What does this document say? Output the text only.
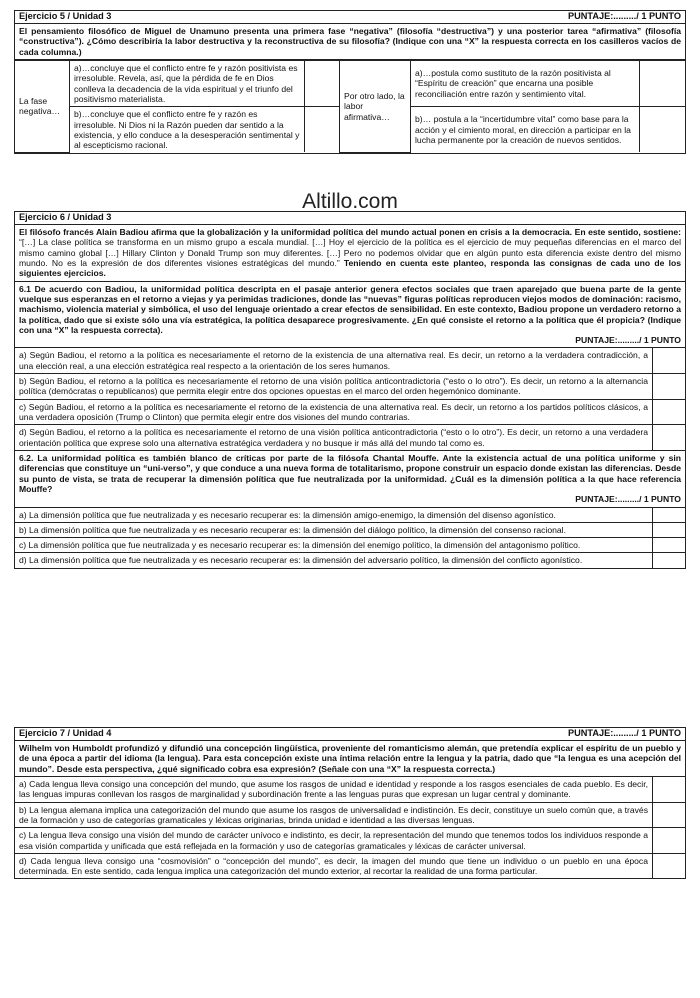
Ejercicio 5 / Unidad 3	PUNTAJE:........./ 1 PUNTO
El pensamiento filosófico de Miguel de Unamuno presenta una primera fase “negativa” (filosofía “destructiva”) y una posterior tarea “afirmativa” (filosofía “constructiva”). ¿Cómo describiría la labor destructiva y la reconstructiva de su filosofía? (Indique con una “X” la respuesta correcta en los casilleros vacíos de cada columna.)
La fase negativa…	a)…concluye que el conflicto entre fe y razón positivista es irresoluble. Revela, así, que la pérdida de fe en Dios conlleva la decadencia de la vida espiritual y el triunfo del positivismo materialista.		Por otro lado, la labor afirmativa…	a)…postula como sustituto de la razón positivista al “Espíritu de creación” que encarna una posible reconciliación entre razón y sentimiento vital.	
	b)…concluye que el conflicto entre fe y razón es irresoluble. Ni Dios ni la Razón pueden dar sentido a la existencia, y ello conduce a la desesperación sentimental y al escepticismo racional.			b)… postula a la “incertidumbre vital” como base para la acción y el cimiento moral, en dirección a participar en la lucha permanente por la creación de nuevos sentidos.	
Altillo.com
Ejercicio 6 / Unidad 3
El filósofo francés Alain Badiou afirma que la globalización y la uniformidad política del mundo actual ponen en crisis a la democracia. En este sentido, sostiene: “[…] La clase política se transforma en un mismo grupo a escala mundial. […] Hoy el ejercicio de la política es el ejercicio de muy pequeñas diferencias en el marco del mismo camino global […] Hillary Clinton y Donald Trump son muy diferentes. […] Pero no podemos olvidar que en algún punto esta diferencia existe dentro del mismo mundo. No es la expresión de dos diferentes visiones estratégicas del mundo.” Teniendo en cuenta este planteo, responda las consignas de cada uno de los siguientes ejercicios.
6.1 De acuerdo con Badiou, la uniformidad política descripta en el pasaje anterior genera efectos sociales que traen aparejado que buena parte de la gente vuelque sus esperanzas en el retorno a viejas y ya perimidas tradiciones, donde las “nuevas” figuras políticas reproducen viejos modos de dominación: racismo, machismo, violencia material y simbólica, el uso del lenguaje orientado a crear efectos de sensibilidad. En este contexto, Badiou propone un verdadero retorno a la política, dado que si existe sólo una vía estratégica, la política desaparece progresivamente. ¿En qué consiste el retorno a la política que él propicia? (Indique con una “X” la respuesta correcta).
PUNTAJE:........./ 1 PUNTO
a) Según Badiou, el retorno a la política es necesariamente el retorno de la existencia de una alternativa real. Es decir, un retorno a la verdadera contradicción, a una elección real, a una elección estratégica real respecto a la orientación de los seres humanos.
b) Según Badiou, el retorno a la política es necesariamente el retorno de una visión política anticontradictoria (“esto o lo otro”). Es decir, un retorno a la alternancia política (demócratas o republicanos) que permita elegir entre dos opciones opuestas en el marco del orden hegemónico dominante.
c) Según Badiou, el retorno a la política es necesariamente el retorno de la existencia de una alternativa real. Es decir, un retorno a los partidos políticos clásicos, a una verdadera oposición (Trump o Clinton) que permita elegir entre dos visiones del mundo contrarias.
d) Según Badiou, el retorno a la política es necesariamente el retorno de una visión política anticontradictoria (“esto o lo otro”). Es decir, un retorno a una verdadera orientación política que exprese solo una alternativa estratégica verdadera y no busque ir más allá del mundo tal como es.
6.2. La uniformidad política es también blanco de críticas por parte de la filósofa Chantal Mouffe. Ante la existencia actual de una política uniforme y sin diferencias que constituye un “uni-verso”, y que conduce a una nueva forma de totalitarismo, propone construir un espacio donde existan las diferencias. Desde su punto de vista, se trata de recuperar la dimensión política que fue neutralizada por la uniformidad. ¿Cuál es la dimensión política a la que hace referencia Mouffe?
PUNTAJE:........./ 1 PUNTO
a) La dimensión política que fue neutralizada y es necesario recuperar es: la dimensión amigo-enemigo, la dimensión del disenso agonístico.
b) La dimensión política que fue neutralizada y es necesario recuperar es: la dimensión del diálogo político, la dimensión del consenso racional.
c) La dimensión política que fue neutralizada y es necesario recuperar es: la dimensión del enemigo político, la dimensión del antagonismo político.
d) La dimensión política que fue neutralizada y es necesario recuperar es: la dimensión del adversario político, la dimensión del conflicto agonístico.
Ejercicio 7 / Unidad 4	PUNTAJE:........./ 1 PUNTO
Wilhelm von Humboldt profundizó y difundió una concepción lingüística, proveniente del romanticismo alemán, que pretendía explicar el espíritu de un pueblo y de una época a partir del idioma (la lengua). Para esta concepción existe una íntima relación entre la lengua y la patria, dado que “la lengua es una acepción del mundo”. Desde esta perspectiva, ¿qué significado cobra esa expresión? (Señale con una “X” la respuesta correcta.)
a) Cada lengua lleva consigo una concepción del mundo, que asume los rasgos de unidad e identidad y responde a los rasgos esenciales de cada pueblo. Es decir, las lenguas impuras conllevan los rasgos de marginalidad y subordinación frente a las lenguas puras que expresan un lugar central y dominante.
b) La lengua alemana implica una categorización del mundo que asume los rasgos de universalidad e indistinción. Es decir, constituye un suelo común que, a través de la formación y uso de categorías gramaticales y léxicas originarias, brinda unidad e identidad a las diversas lenguas.
c) La lengua lleva consigo una visión del mundo de carácter unívoco e indistinto, es decir, la representación del mundo que tenemos todos los individuos responde a esa visión compartida y unificada que está reflejada en la formación y uso de categorías gramaticales y léxicas de carácter universal.
d) Cada lengua lleva consigo una “cosmovisión” o “concepción del mundo”, es decir, la imagen del mundo que tiene un individuo o un pueblo en una época determinada. En este sentido, cada lengua implica una categorización del mundo exterior, al recortar la realidad de una forma particular.
